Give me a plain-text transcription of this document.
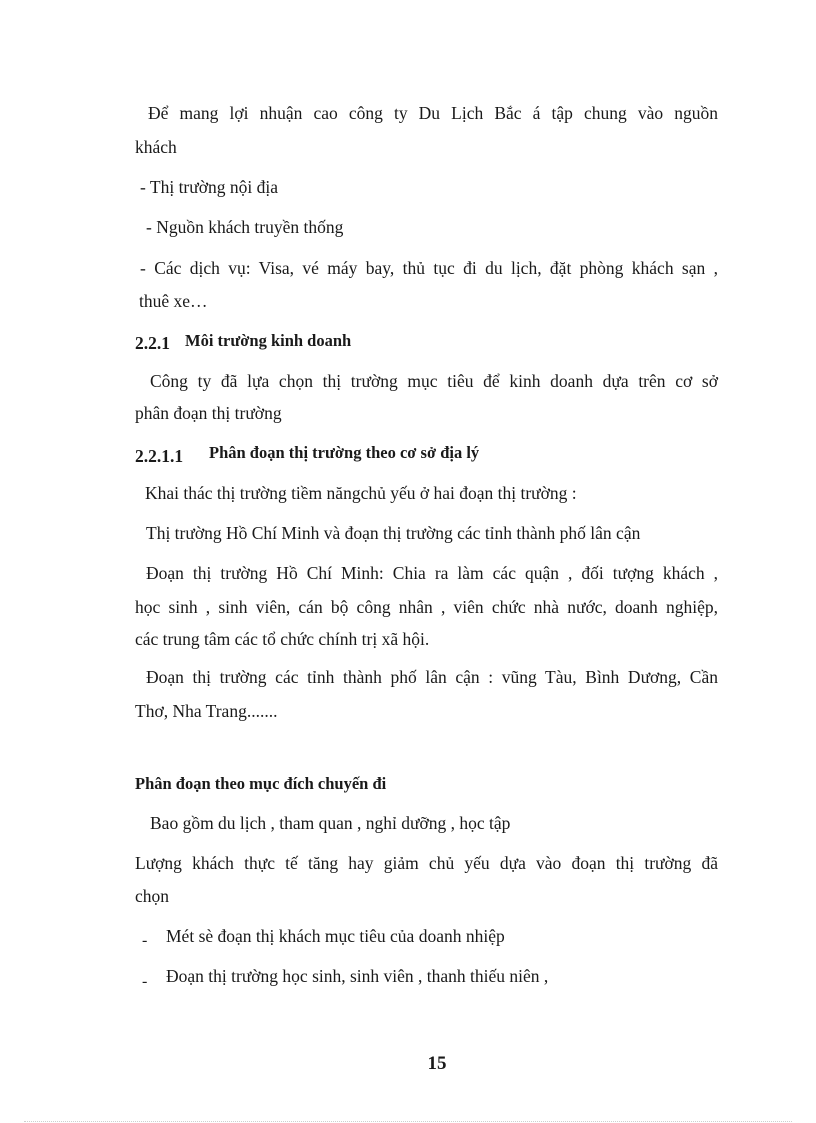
Để mang lợi nhuận cao công ty Du Lịch Bắc á tập chung vào nguồn
khách
- Thị trường nội địa
- Nguồn khách truyền thống
- Các dịch vụ: Visa, vé máy bay, thủ tục đi du lịch, đặt phòng khách sạn ,
thuê xe…
2.2.1 Môi trường kinh doanh
Công ty đã lựa chọn thị trường mục tiêu để kinh doanh dựa trên cơ sở
phân đoạn thị trường
2.2.1.1 Phân đoạn thị trường theo cơ sở địa lý
Khai thác thị trường tiềm năngchủ yếu ở hai đoạn thị trường :
Thị trường Hồ Chí Minh và đoạn thị trường các tỉnh thành phố lân cận
Đoạn thị trường Hồ Chí Minh: Chia ra làm các quận , đối tượng khách ,
học sinh , sinh viên, cán bộ công nhân , viên chức nhà nước, doanh nghiệp,
các trung tâm các tổ chức chính trị xã hội.
Đoạn thị trường các tỉnh thành phố lân cận : vũng Tàu, Bình Dương, Cần
Thơ, Nha Trang.......
Phân đoạn theo mục đích chuyến đi
Bao gồm du lịch , tham quan , nghỉ dưỡng , học tập
Lượng khách thực tế tăng hay giảm chủ yếu dựa vào đoạn thị trường đã
chọn
- Mét sè đoạn thị khách mục tiêu của doanh nhiệp
- Đoạn thị trường học sinh, sinh viên , thanh thiếu niên ,
15
